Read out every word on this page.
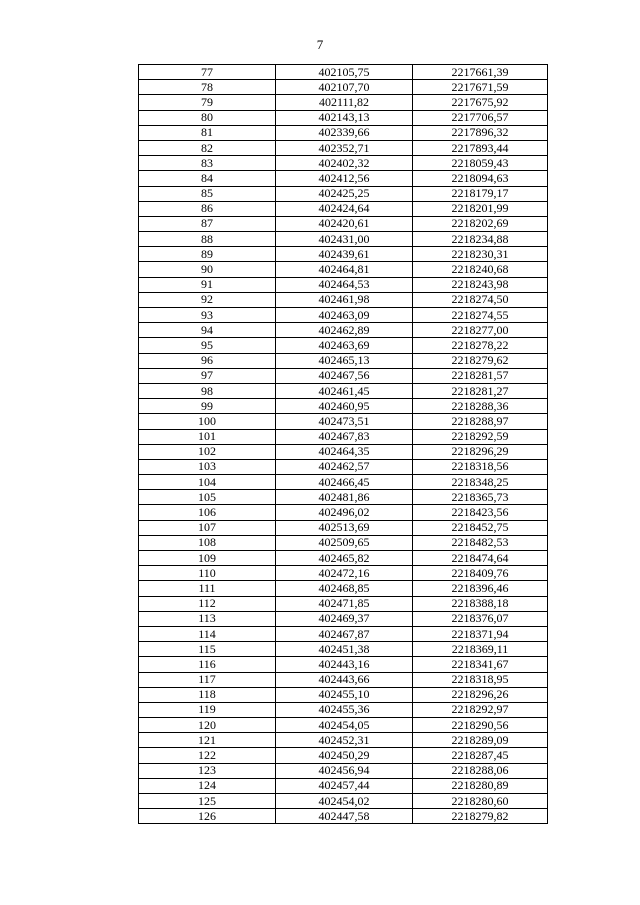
7
77	402105,75	2217661,39
78	402107,70	2217671,59
79	402111,82	2217675,92
80	402143,13	2217706,57
81	402339,66	2217896,32
82	402352,71	2217893,44
83	402402,32	2218059,43
84	402412,56	2218094,63
85	402425,25	2218179,17
86	402424,64	2218201,99
87	402420,61	2218202,69
88	402431,00	2218234,88
89	402439,61	2218230,31
90	402464,81	2218240,68
91	402464,53	2218243,98
92	402461,98	2218274,50
93	402463,09	2218274,55
94	402462,89	2218277,00
95	402463,69	2218278,22
96	402465,13	2218279,62
97	402467,56	2218281,57
98	402461,45	2218281,27
99	402460,95	2218288,36
100	402473,51	2218288,97
101	402467,83	2218292,59
102	402464,35	2218296,29
103	402462,57	2218318,56
104	402466,45	2218348,25
105	402481,86	2218365,73
106	402496,02	2218423,56
107	402513,69	2218452,75
108	402509,65	2218482,53
109	402465,82	2218474,64
110	402472,16	2218409,76
111	402468,85	2218396,46
112	402471,85	2218388,18
113	402469,37	2218376,07
114	402467,87	2218371,94
115	402451,38	2218369,11
116	402443,16	2218341,67
117	402443,66	2218318,95
118	402455,10	2218296,26
119	402455,36	2218292,97
120	402454,05	2218290,56
121	402452,31	2218289,09
122	402450,29	2218287,45
123	402456,94	2218288,06
124	402457,44	2218280,89
125	402454,02	2218280,60
126	402447,58	2218279,82
